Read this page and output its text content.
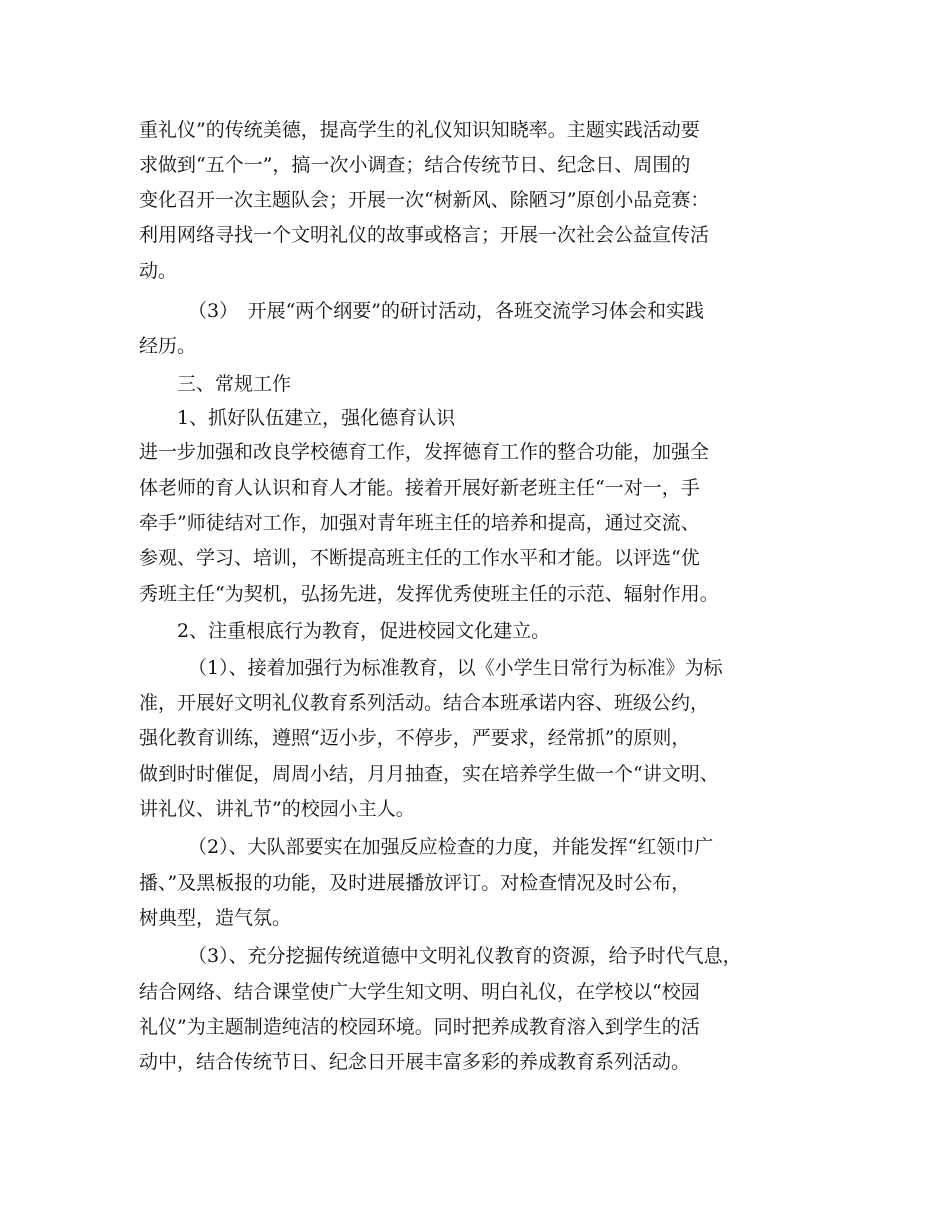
重礼仪”的传统美德，提高学生的礼仪知识知晓率。主题实践活动要

求做到“五个一”，搞一次小调查；结合传统节日、纪念日、周围的

变化召开一次主题队会；开展一次“树新风、除陋习”原创小品竞赛：

利用网络寻找一个文明礼仪的故事或格言；开展一次社会公益宣传活

动。

（3）　开展“两个纲要”的研讨活动，各班交流学习体会和实践

经历。

三、常规工作

1、抓好队伍建立，强化德育认识

进一步加强和改良学校德育工作，发挥德育工作的整合功能，加强全

体老师的育人认识和育人才能。接着开展好新老班主任“一对一，手

牵手”师徒结对工作，加强对青年班主任的培养和提高，通过交流、

参观、学习、培训，不断提高班主任的工作水平和才能。以评选“优

秀班主任“为契机，弘扬先进，发挥优秀使班主任的示范、辐射作用。

2、注重根底行为教育，促进校园文化建立。

（1）、接着加强行为标准教育，以《小学生日常行为标准》为标

准，开展好文明礼仪教育系列活动。结合本班承诺内容、班级公约，

强化教育训练，遵照“迈小步，不停步，严要求，经常抓”的原则，

做到时时催促，周周小结，月月抽查，实在培养学生做一个“讲文明、

讲礼仪、讲礼节”的校园小主人。

（2）、大队部要实在加强反应检查的力度，并能发挥“红领巾广

播、”及黑板报的功能，及时进展播放评订。对检查情况及时公布，

树典型，造气氛。

（3）、充分挖掘传统道德中文明礼仪教育的资源，给予时代气息，

结合网络、结合课堂使广大学生知文明、明白礼仪，在学校以“校园

礼仪”为主题制造纯洁的校园环境。同时把养成教育溶入到学生的活

动中，结合传统节日、纪念日开展丰富多彩的养成教育系列活动。
